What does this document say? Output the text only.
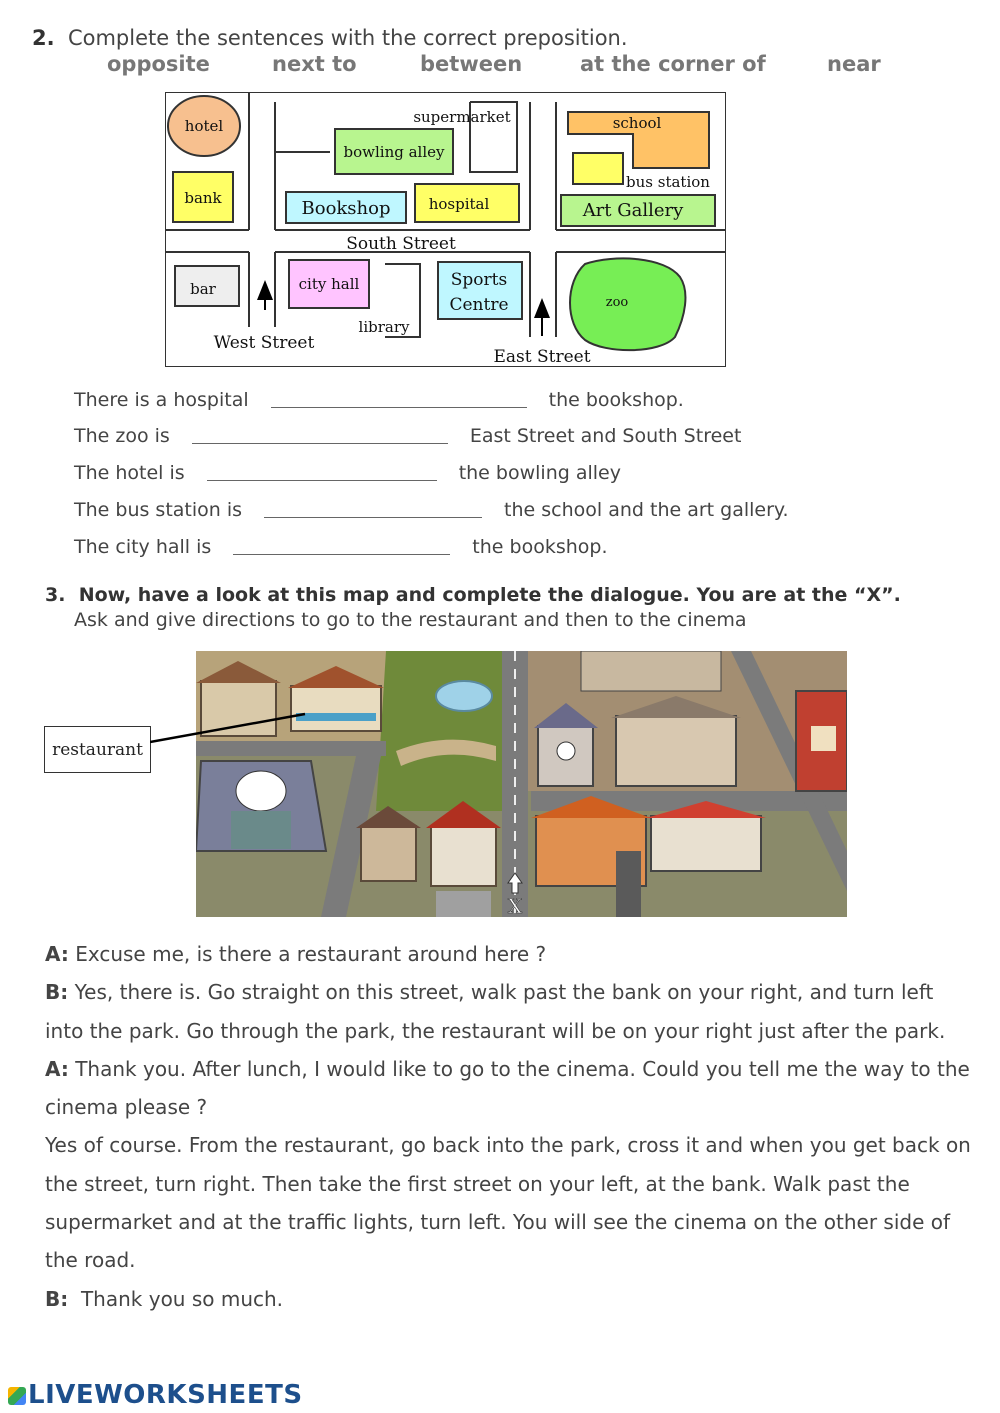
2. Complete the sentences with the correct preposition.
opposite	next to	between	at the corner of	near
hotel
bank
supermarket
bowling alley
Bookshop	hospital
school
bus station
Art Gallery
South Street
bar	city hall
library
Sports
Centre	zoo
West Street
East Street
There is a hospital	the bookshop.
The zoo is	East Street and South Street
The hotel is	the bowling alley
The bus station is	the school and the art gallery.
The city hall is	the bookshop.
3. Now, have a look at this map and complete the dialogue. You are at the “X”.
Ask and give directions to go to the restaurant and then to the cinema
X
restaurant

A: Excuse me, is there a restaurant around here ?

B: Yes, there is. Go straight on this street, walk past the bank on your right, and turn left into the park. Go through the park, the restaurant will be on your right just after the park.

A: Thank you. After lunch, I would like to go to the cinema. Could you tell me the way to the cinema please ?

Yes of course. From the restaurant, go back into the park, cross it and when you get back on the street, turn right. Then take the first street on your left, at the bank. Walk past the supermarket and at the traffic lights, turn left. You will see the cinema on the other side of the road.

B:  Thank you so much.

LIVEWORKSHEETS
